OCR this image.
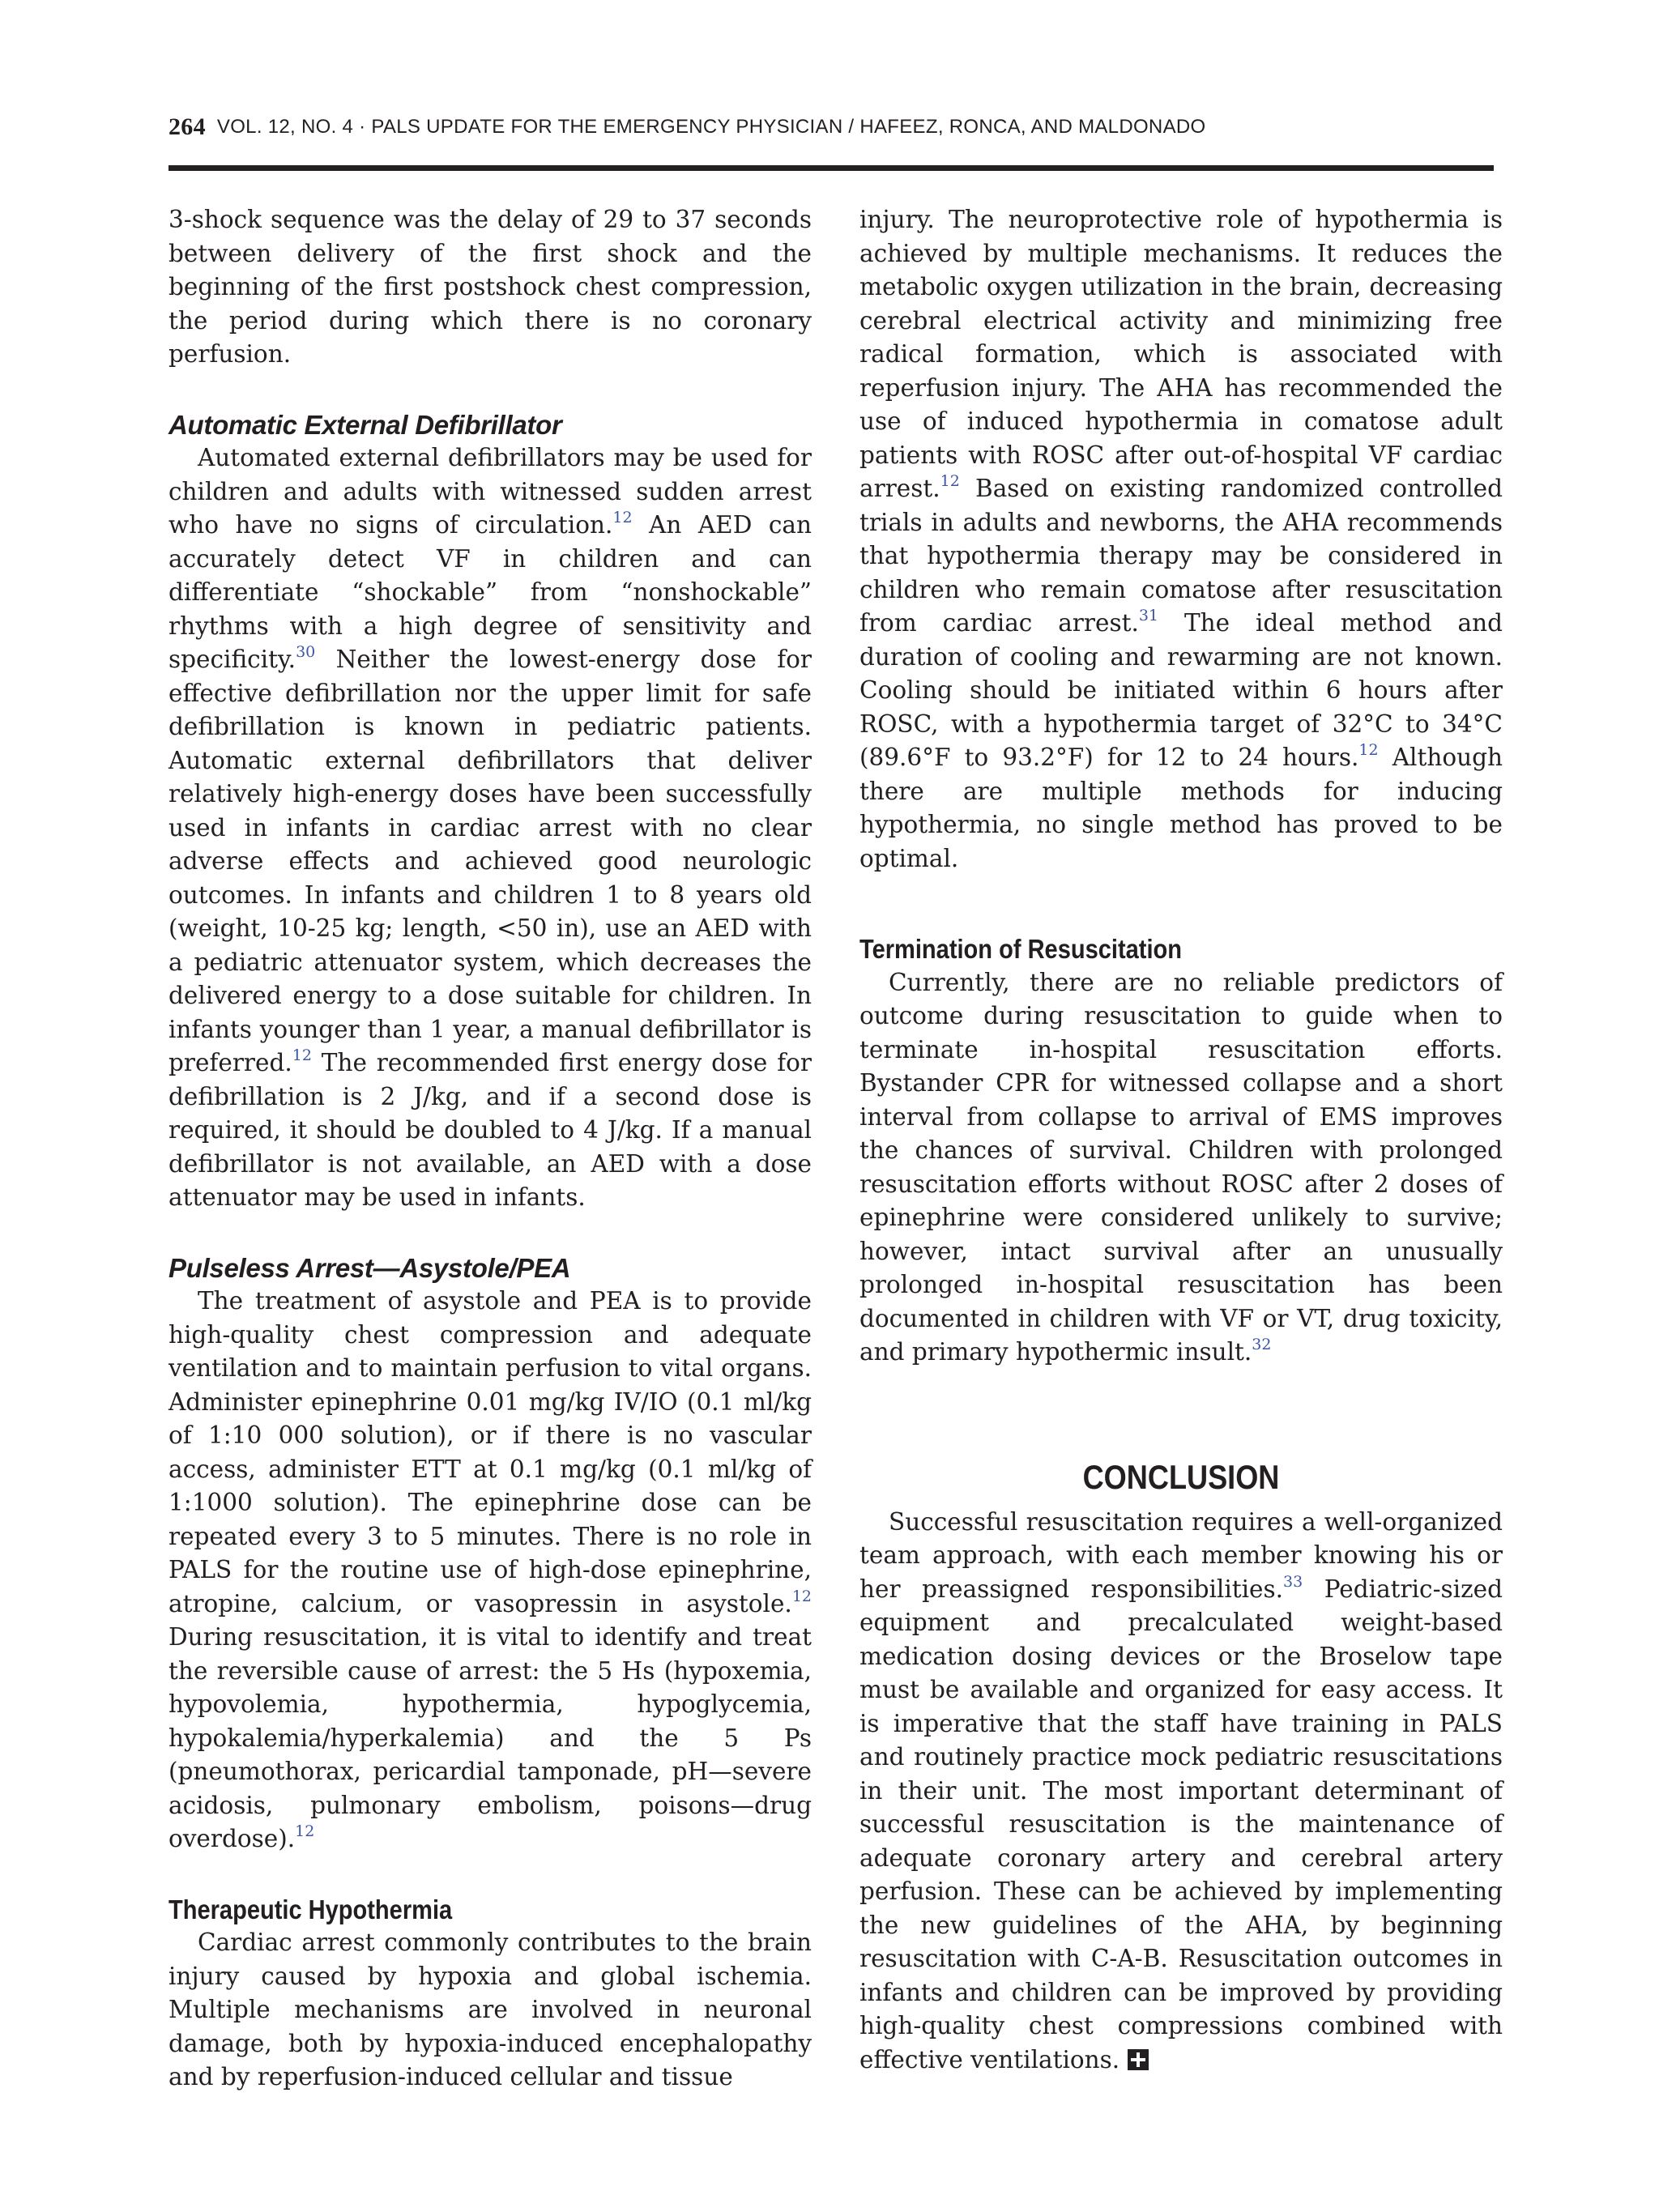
264 VOL. 12, NO. 4 · PALS UPDATE FOR THE EMERGENCY PHYSICIAN / HAFEEZ, RONCA, AND MALDONADO

3-shock sequence was the delay of 29 to 37 seconds between delivery of the first shock and the beginning of the first postshock chest compression, the period during which there is no coronary perfusion.

Automatic External Defibrillator

Automated external defibrillators may be used for children and adults with witnessed sudden arrest who have no signs of circulation.$^{12}$ An AED can accurately detect VF in children and can differentiate “shockable” from “nonshockable” rhythms with a high degree of sensitivity and specificity.$^{30}$ Neither the lowest-energy dose for effective defibrillation nor the upper limit for safe defibrillation is known in pediatric patients. Automatic external defibrillators that deliver relatively high-energy doses have been successfully used in infants in cardiac arrest with no clear adverse effects and achieved good neurologic outcomes. In infants and children 1 to 8 years old (weight, 10-25 kg; length, <50 in), use an AED with a pediatric attenuator system, which decreases the delivered energy to a dose suitable for children. In infants younger than 1 year, a manual defibrillator is preferred.$^{12}$ The recommended first energy dose for defibrillation is 2 J/kg, and if a second dose is required, it should be doubled to 4 J/kg. If a manual defibrillator is not available, an AED with a dose attenuator may be used in infants.

Pulseless Arrest—Asystole/PEA

The treatment of asystole and PEA is to provide high-quality chest compression and adequate ventilation and to maintain perfusion to vital organs. Administer epinephrine 0.01 mg/kg IV/IO (0.1 ml/kg of 1:10 000 solution), or if there is no vascular access, administer ETT at 0.1 mg/kg (0.1 ml/kg of 1:1000 solution). The epinephrine dose can be repeated every 3 to 5 minutes. There is no role in PALS for the routine use of high-dose epinephrine, atropine, calcium, or vasopressin in asystole.$^{12}$ During resuscitation, it is vital to identify and treat the reversible cause of arrest: the 5 Hs (hypoxemia, hypovolemia, hypothermia, hypoglycemia, hypokalemia/hyperkalemia) and the 5 Ps (pneumothorax, pericardial tamponade, pH—severe acidosis, pulmonary embolism, poisons—drug overdose).$^{12}$

Therapeutic Hypothermia

Cardiac arrest commonly contributes to the brain injury caused by hypoxia and global ischemia. Multiple mechanisms are involved in neuronal damage, both by hypoxia-induced encephalopathy and by reperfusion-induced cellular and tissue

injury. The neuroprotective role of hypothermia is achieved by multiple mechanisms. It reduces the metabolic oxygen utilization in the brain, decreasing cerebral electrical activity and minimizing free radical formation, which is associated with reperfusion injury. The AHA has recommended the use of induced hypothermia in comatose adult patients with ROSC after out-of-hospital VF cardiac arrest.$^{12}$ Based on existing randomized controlled trials in adults and newborns, the AHA recommends that hypothermia therapy may be considered in children who remain comatose after resuscitation from cardiac arrest.$^{31}$ The ideal method and duration of cooling and rewarming are not known. Cooling should be initiated within 6 hours after ROSC, with a hypothermia target of 32°C to 34°C (89.6°F to 93.2°F) for 12 to 24 hours.$^{12}$ Although there are multiple methods for inducing hypothermia, no single method has proved to be optimal.

Termination of Resuscitation

Currently, there are no reliable predictors of outcome during resuscitation to guide when to terminate in-hospital resuscitation efforts. Bystander CPR for witnessed collapse and a short interval from collapse to arrival of EMS improves the chances of survival. Children with prolonged resuscitation efforts without ROSC after 2 doses of epinephrine were considered unlikely to survive; however, intact survival after an unusually prolonged in-hospital resuscitation has been documented in children with VF or VT, drug toxicity, and primary hypothermic insult.$^{32}$

CONCLUSION

Successful resuscitation requires a well-organized team approach, with each member knowing his or her preassigned responsibilities.$^{33}$ Pediatric-sized equipment and precalculated weight-based medication dosing devices or the Broselow tape must be available and organized for easy access. It is imperative that the staff have training in PALS and routinely practice mock pediatric resuscitations in their unit. The most important determinant of successful resuscitation is the maintenance of adequate coronary artery and cerebral artery perfusion. These can be achieved by implementing the new guidelines of the AHA, by beginning resuscitation with C-A-B. Resuscitation outcomes in infants and children can be improved by providing high-quality chest compressions combined with effective ventilations.
